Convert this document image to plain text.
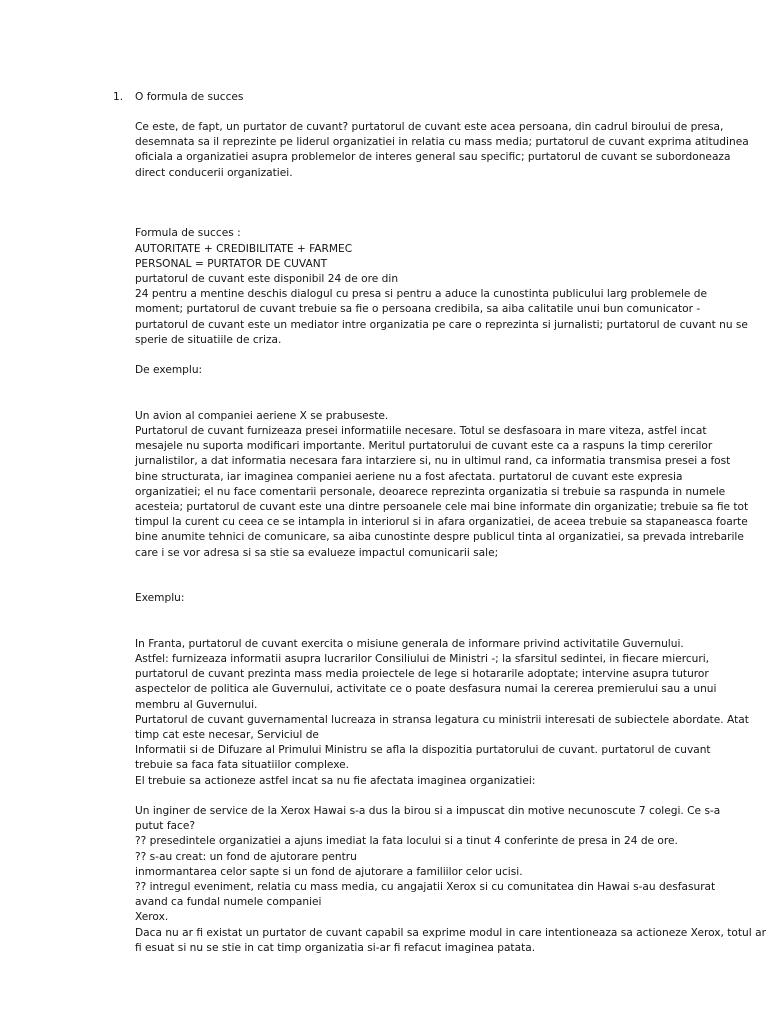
1.	O formula de succes
Ce este, de fapt, un purtator de cuvant? purtatorul de cuvant este acea persoana, din cadrul biroului de presa,
desemnata sa il reprezinte pe liderul organizatiei in relatia cu mass media; purtatorul de cuvant exprima atitudinea
oficiala a organizatiei asupra problemelor de interes general sau specific; purtatorul de cuvant se subordoneaza
direct conducerii organizatiei.
Formula de succes :
AUTORITATE + CREDIBILITATE + FARMEC
PERSONAL = PURTATOR DE CUVANT
purtatorul de cuvant este disponibil 24 de ore din
24 pentru a mentine deschis dialogul cu presa si pentru a aduce la cunostinta publicului larg problemele de
moment; purtatorul de cuvant trebuie sa fie o persoana credibila, sa aiba calitatile unui bun comunicator -
purtatorul de cuvant este un mediator intre organizatia pe care o reprezinta si jurnalisti; purtatorul de cuvant nu se
sperie de situatiile de criza.
De exemplu:
Un avion al companiei aeriene X se prabuseste.
Purtatorul de cuvant furnizeaza presei informatiile necesare. Totul se desfasoara in mare viteza, astfel incat
mesajele nu suporta modificari importante. Meritul purtatorului de cuvant este ca a raspuns la timp cererilor
jurnalistilor, a dat informatia necesara fara intarziere si, nu in ultimul rand, ca informatia transmisa presei a fost
bine structurata, iar imaginea companiei aeriene nu a fost afectata. purtatorul de cuvant este expresia
organizatiei; el nu face comentarii personale, deoarece reprezinta organizatia si trebuie sa raspunda in numele
acesteia; purtatorul de cuvant este una dintre persoanele cele mai bine informate din organizatie; trebuie sa fie tot
timpul la curent cu ceea ce se intampla in interiorul si in afara organizatiei, de aceea trebuie sa stapaneasca foarte
bine anumite tehnici de comunicare, sa aiba cunostinte despre publicul tinta al organizatiei, sa prevada intrebarile
care i se vor adresa si sa stie sa evalueze impactul comunicarii sale;
Exemplu:
In Franta, purtatorul de cuvant exercita o misiune generala de informare privind activitatile Guvernului.
Astfel: furnizeaza informatii asupra lucrarilor Consiliului de Ministri -; la sfarsitul sedintei, in fiecare miercuri,
purtatorul de cuvant prezinta mass media proiectele de lege si hotararile adoptate; intervine asupra tuturor
aspectelor de politica ale Guvernului, activitate ce o poate desfasura numai la cererea premierului sau a unui
membru al Guvernului.
Purtatorul de cuvant guvernamental lucreaza in stransa legatura cu ministrii interesati de subiectele abordate. Atat
timp cat este necesar, Serviciul de
Informatii si de Difuzare al Primului Ministru se afla la dispozitia purtatorului de cuvant. purtatorul de cuvant
trebuie sa faca fata situatiilor complexe.
El trebuie sa actioneze astfel incat sa nu fie afectata imaginea organizatiei:
Un inginer de service de la Xerox Hawai s-a dus la birou si a impuscat din motive necunoscute 7 colegi. Ce s-a
putut face?
?? presedintele organizatiei a ajuns imediat la fata locului si a tinut 4 conferinte de presa in 24 de ore.
?? s-au creat: un fond de ajutorare pentru
inmormantarea celor sapte si un fond de ajutorare a familiilor celor ucisi.
?? intregul eveniment, relatia cu mass media, cu angajatii Xerox si cu comunitatea din Hawai s-au desfasurat
avand ca fundal numele companiei
Xerox.
Daca nu ar fi existat un purtator de cuvant capabil sa exprime modul in care intentioneaza sa actioneze Xerox, totul ar
fi esuat si nu se stie in cat timp organizatia si-ar fi refacut imaginea patata.
